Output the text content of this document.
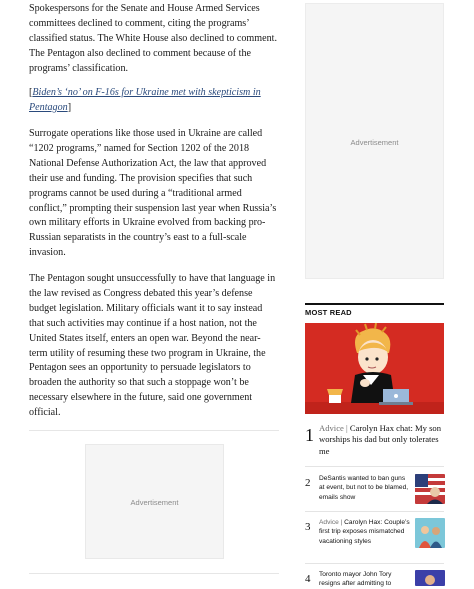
Spokespersons for the Senate and House Armed Services committees declined to comment, citing the programs’ classified status. The White House also declined to comment. The Pentagon also declined to comment because of the programs’ classification.

[Biden’s ‘no’ on F-16s for Ukraine met with skepticism in Pentagon]

Surrogate operations like those used in Ukraine are called “1202 programs,” named for Section 1202 of the 2018 National Defense Authorization Act, the law that approved their use and funding. The provision specifies that such programs cannot be used during a “traditional armed conflict,” prompting their suspension last year when Russia’s own military efforts in Ukraine evolved from backing pro-Russian separatists in the country’s east to a full-scale invasion.

The Pentagon sought unsuccessfully to have that language in the law revised as Congress debated this year’s defense budget legislation. Military officials want it to say instead that such activities may continue if a host nation, not the United States itself, enters an open war. Beyond the near-term utility of resuming these two program in Ukraine, the Pentagon sees an opportunity to persuade legislators to broaden the authority so that such a stoppage won’t be necessary elsewhere in the future, said one government official.

Advertisement
Advertisement
MOST READ
1 Advice | Carolyn Hax chat: My son worships his dad but only tolerates me
2 DeSantis wanted to ban guns at event, but not to be blamed, emails show
3 Advice | Carolyn Hax: Couple’s first trip exposes mismatched vacationing styles
4 Toronto mayor John Tory resigns after admitting to
